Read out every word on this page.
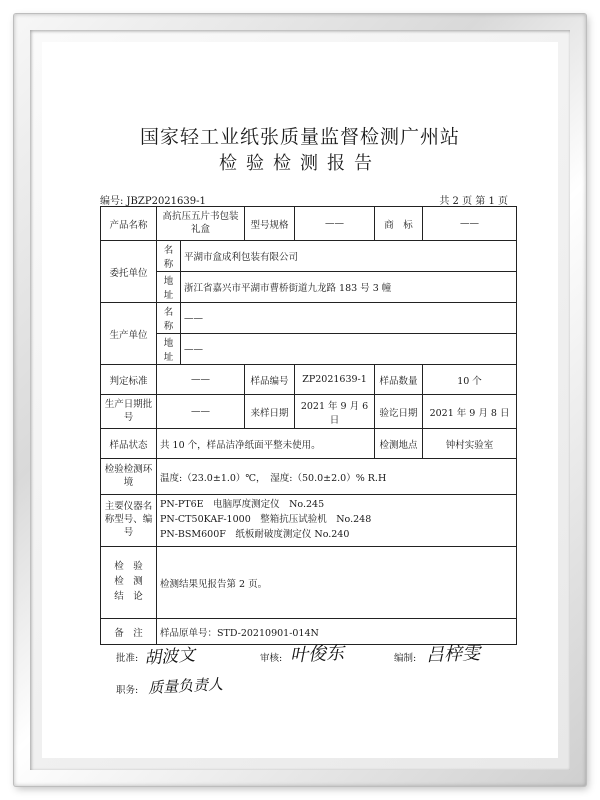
国家轻工业纸张质量监督检测广州站
检验检测报告
编号: JBZP2021639-1	共 2 页 第 1 页
产品名称	高抗压五片书包装礼盒		型号规格	——	商　标	——
委托单位	名称	平湖市盒成利包装有限公司				
	地址	浙江省嘉兴市平湖市曹桥街道九龙路 183 号 3 幢				
生产单位	名称	——				
	地址	——				
判定标准	——		样品编号	ZP2021639-1	样品数量	10 个
生产日期批号	——		来样日期	2021 年 9 月 6 日	验讫日期	2021 年 9 月 8 日
样品状态	共 10 个，样品洁净纸面平整未使用。				检测地点	钟村实验室
检验检测环境	温度:（23.0±1.0）℃，　湿度:（50.0±2.0）% R.H					
主要仪器名称型号、编号	PN-PT6E　电脑厚度测定仪　No.245
PN-CT50KAF-1000　整箱抗压试验机　No.248
PN-BSM600F　纸板耐破度测定仪 No.240					

检　验
检　测
结　论	检测结果见报告第 2 页。					
备　注	样品原单号：STD-20210901-014N					
批准: 胡波文	审核: 叶俊东	编制: 吕梓雯
职务: 质量负责人
